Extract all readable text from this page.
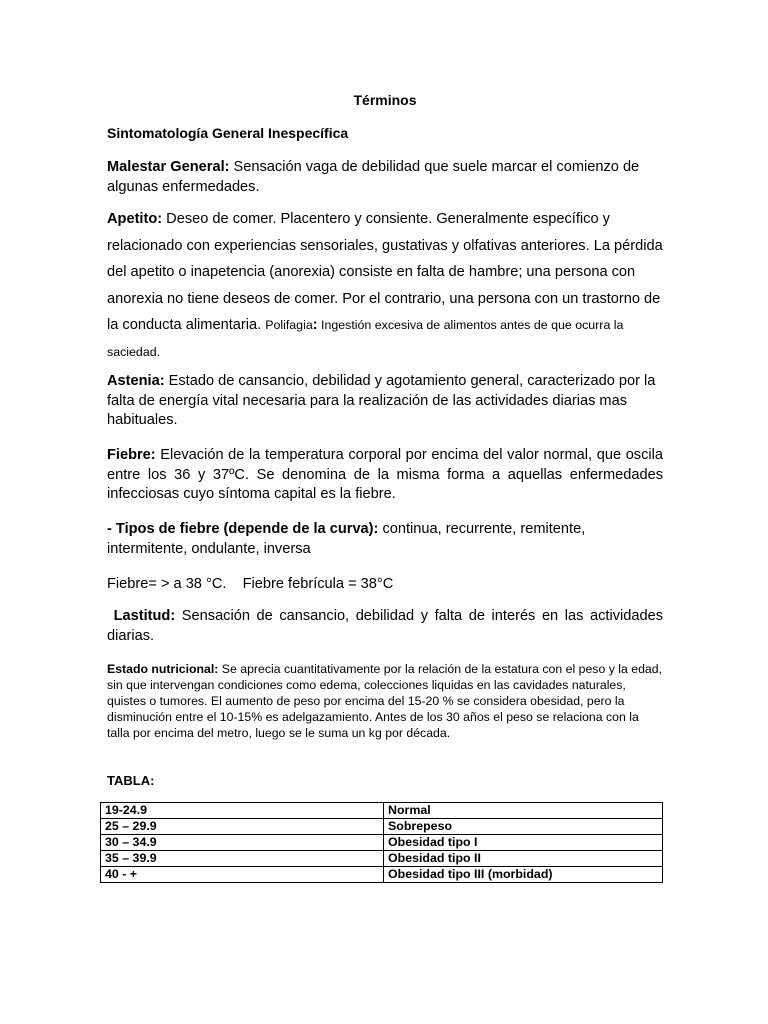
Términos
Sintomatología General Inespecífica
Malestar General: Sensación vaga de debilidad que suele marcar el comienzo de algunas enfermedades.
Apetito: Deseo de comer. Placentero y consiente. Generalmente específico y relacionado con experiencias sensoriales, gustativas y olfativas anteriores. La pérdida del apetito o inapetencia (anorexia) consiste en falta de hambre; una persona con anorexia no tiene deseos de comer. Por el contrario, una persona con un trastorno de la conducta alimentaria. Polifagia: Ingestión excesiva de alimentos antes de que ocurra la saciedad.
Astenia: Estado de cansancio, debilidad y agotamiento general, caracterizado por la falta de energía vital necesaria para la realización de las actividades diarias mas habituales.
Fiebre: Elevación de la temperatura corporal por encima del valor normal, que oscila entre los 36 y 37ºC. Se denomina de la misma forma a aquellas enfermedades infecciosas cuyo síntoma capital es la fiebre.
- Tipos de fiebre (depende de la curva): continua, recurrente, remitente, intermitente, ondulante, inversa
Fiebre= > a 38 °C.    Fiebre febrícula = 38°C
Lastitud: Sensación de cansancio, debilidad y falta de interés en las actividades diarias.
Estado nutricional: Se aprecia cuantitativamente por la relación de la estatura con el peso y la edad, sin que intervengan condiciones como edema, colecciones liquidas en las cavidades naturales, quistes o tumores. El aumento de peso por encima del 15-20 % se considera obesidad, pero la disminución entre el 10-15% es adelgazamiento. Antes de los 30 años el peso se relaciona con la talla por encima del metro, luego se le suma un kg por década.
TABLA:
19-24.9	Normal
25 – 29.9	Sobrepeso
30 – 34.9	Obesidad tipo I
35 – 39.9	Obesidad tipo II
40 - +	Obesidad tipo III (morbidad)
